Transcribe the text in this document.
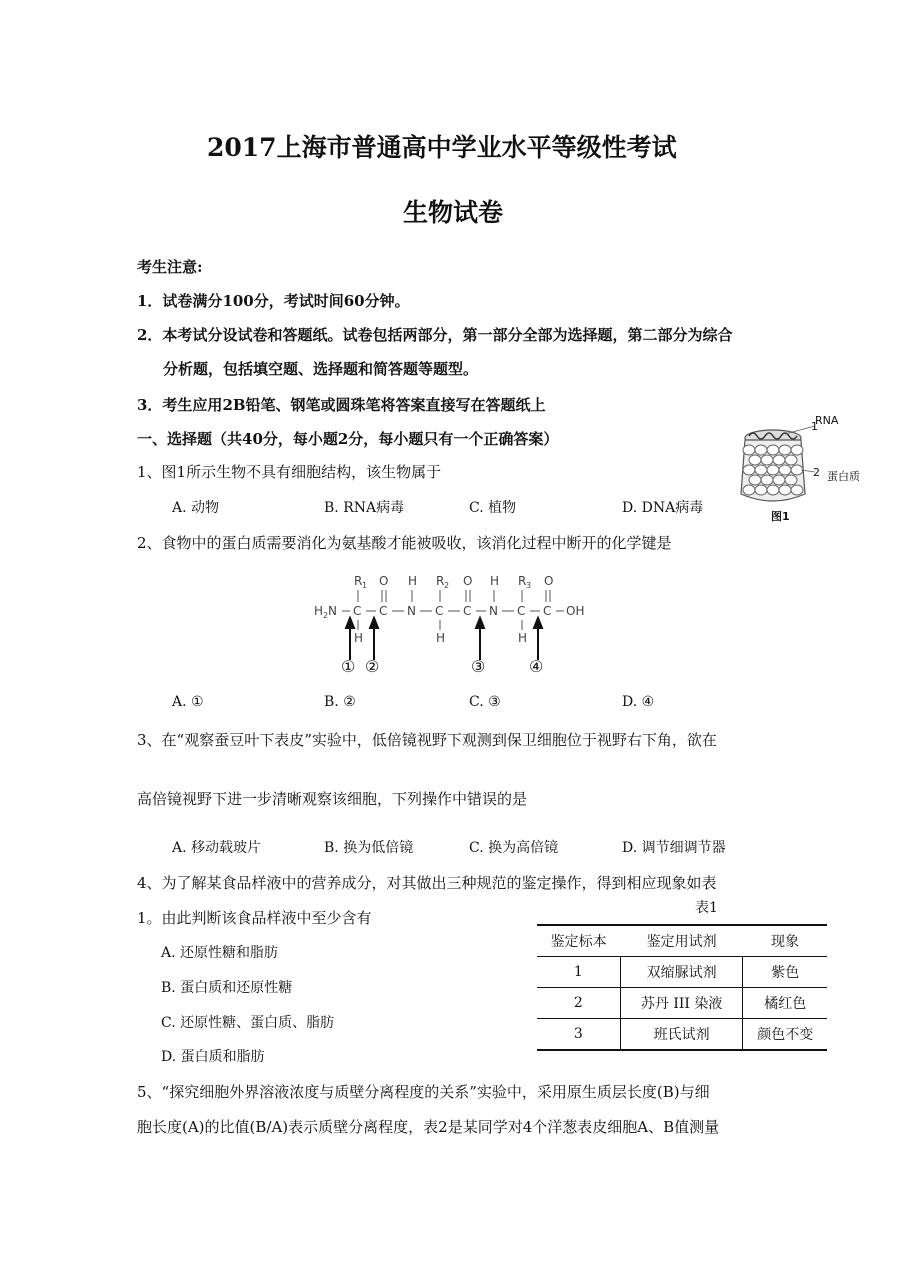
2017上海市普通高中学业水平等级性考试
生物试卷
考生注意:
1．试卷满分100分，考试时间60分钟。
2．本考试分设试卷和答题纸。试卷包括两部分，第一部分全部为选择题，第二部分为综合
分析题，包括填空题、选择题和简答题等题型。
3．考生应用2B铅笔、钢笔或圆珠笔将答案直接写在答题纸上
一、选择题（共40分，每小题2分，每小题只有一个正确答案）
1、图1所示生物不具有细胞结构，该生物属于
A. 动物	B. RNA病毒	C. 植物	D. DNA病毒
RNA
1
2 蛋白质
图1
2、食物中的蛋白质需要消化为氨基酸才能被吸收，该消化过程中断开的化学键是
H 2 N C C N C C N C C OH
R 1 O H R 2 O H R 3 O
H	H	H
① ②	③	④
A. ①	B. ②	C. ③	D. ④
3、在“观察蚕豆叶下表皮”实验中，低倍镜视野下观测到保卫细胞位于视野右下角，欲在
高倍镜视野下进一步清晰观察该细胞，下列操作中错误的是
A. 移动载玻片	B. 换为低倍镜	C. 换为高倍镜	D. 调节细调节器
4、为了解某食品样液中的营养成分，对其做出三种规范的鉴定操作，得到相应现象如表
1。由此判断该食品样液中至少含有
A. 还原性糖和脂肪
B. 蛋白质和还原性糖
C. 还原性糖、蛋白质、脂肪
D. 蛋白质和脂肪
表1
鉴定标本	鉴定用试剂	现象
1	双缩脲试剂	紫色
2	苏丹 III 染液	橘红色
3	班氏试剂	颜色不变
5、“探究细胞外界溶液浓度与质壁分离程度的关系”实验中，采用原生质层长度(B)与细
胞长度(A)的比值(B/A)表示质壁分离程度，表2是某同学对4个洋葱表皮细胞A、B值测量
